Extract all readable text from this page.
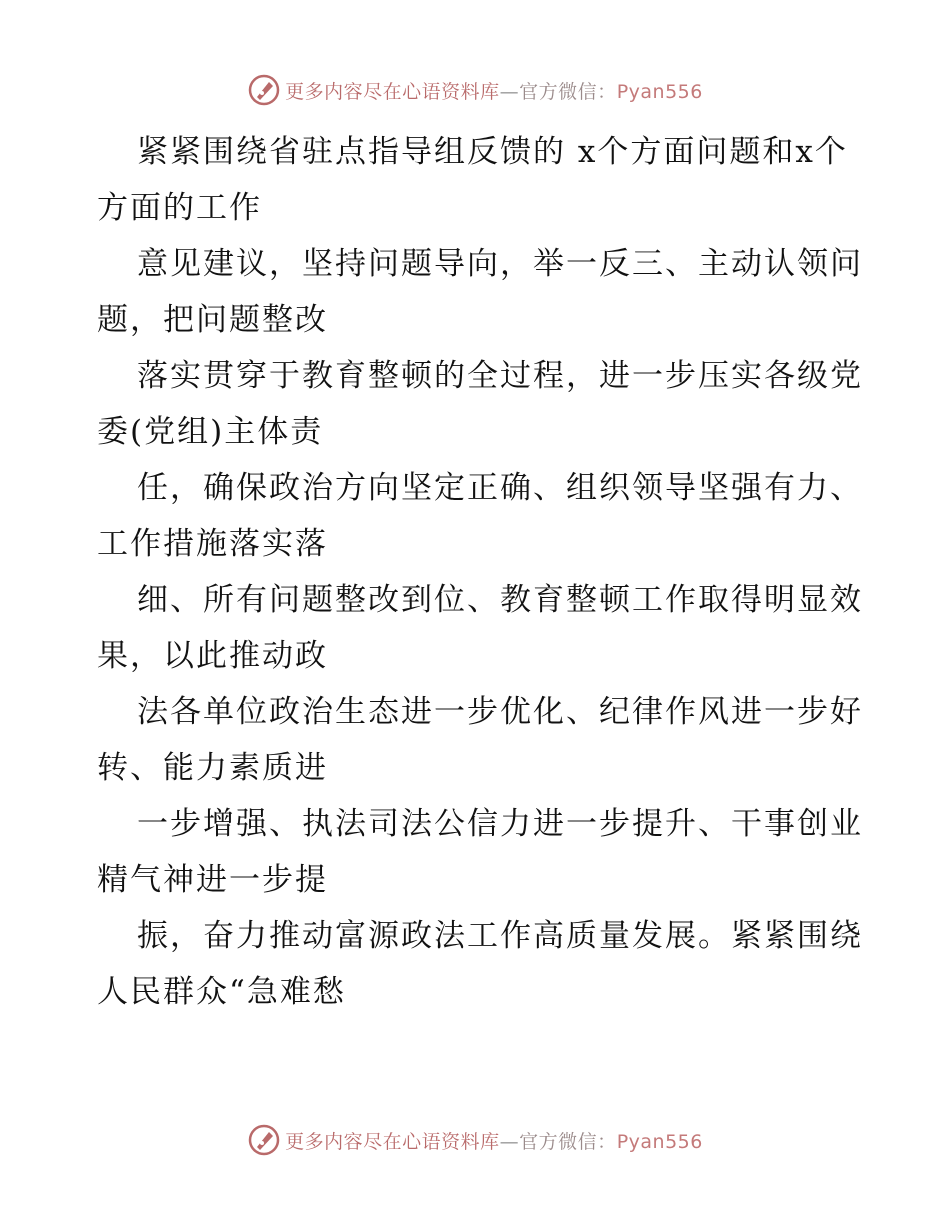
更多内容尽在心语资料库—官方微信：Pyan556

紧紧围绕省驻点指导组反馈的 x个方面问题和x个方面的工作

意见建议，坚持问题导向，举一反三、主动认领问题，把问题整改

落实贯穿于教育整顿的全过程，进一步压实各级党委(党组)主体责

任，确保政治方向坚定正确、组织领导坚强有力、工作措施落实落

细、所有问题整改到位、教育整顿工作取得明显效果，以此推动政

法各单位政治生态进一步优化、纪律作风进一步好转、能力素质进

一步增强、执法司法公信力进一步提升、干事创业精气神进一步提

振，奋力推动富源政法工作高质量发展。紧紧围绕人民群众“急难愁

更多内容尽在心语资料库—官方微信：Pyan556
